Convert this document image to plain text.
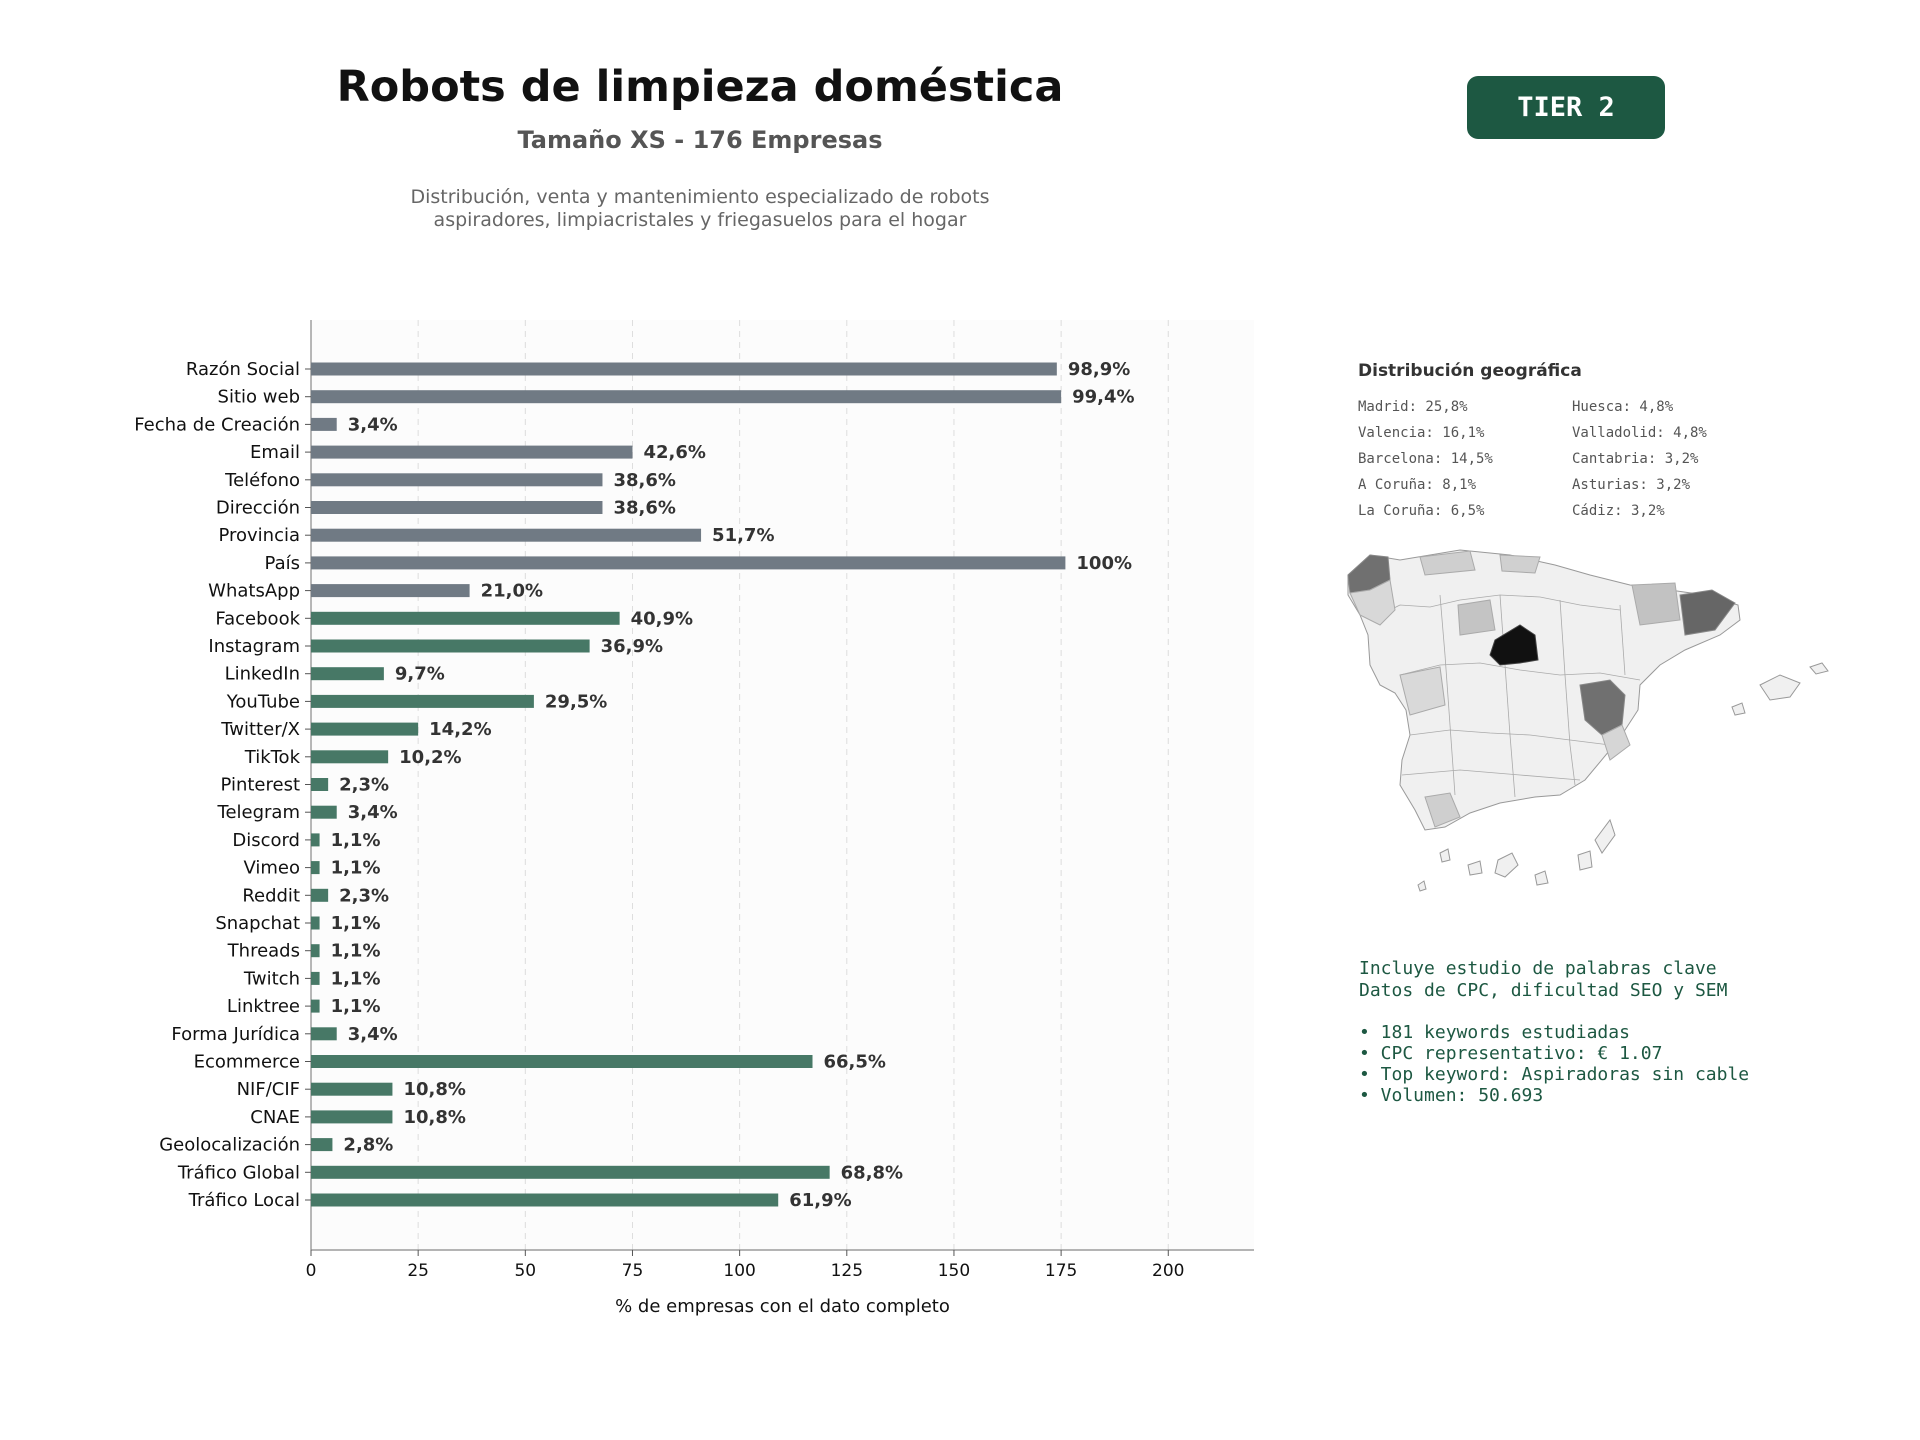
Robots de limpieza doméstica
Tamaño XS - 176 Empresas
Distribución, venta y mantenimiento especializado de robots
aspiradores, limpiacristales y friegasuelos para el hogar
TIER 2
0	25	50	75	100	125	150	175	200
% de empresas con el dato completo
Razón Social	98,9%
Sitio web	99,4%
Fecha de Creación	3,4%
Email	42,6%
Teléfono	38,6%
Dirección	38,6%
Provincia	51,7%
País	100%
WhatsApp	21,0%
Facebook	40,9%
Instagram	36,9%
LinkedIn	9,7%
YouTube	29,5%
Twitter/X	14,2%
TikTok	10,2%
Pinterest 2,3%
Telegram	3,4%
Discord 1,1%
Vimeo 1,1%
Reddit 2,3%
Snapchat 1,1%
Threads 1,1%
Twitch 1,1%
Linktree 1,1%
Forma Jurídica	3,4%
Ecommerce	66,5%
NIF/CIF	10,8%
CNAE	10,8%
Geolocalización 2,8%
Tráfico Global	68,8%
Tráfico Local	61,9%
Distribución geográfica
Madrid: 25,8%
Valencia: 16,1%
Barcelona: 14,5%
A Coruña: 8,1%
La Coruña: 6,5%
Huesca: 4,8%
Valladolid: 4,8%
Cantabria: 3,2%
Asturias: 3,2%
Cádiz: 3,2%
Incluye estudio de palabras clave
Datos de CPC, dificultad SEO y SEM
• 181 keywords estudiadas
• CPC representativo: € 1.07
• Top keyword: Aspiradoras sin cable
• Volumen: 50.693
